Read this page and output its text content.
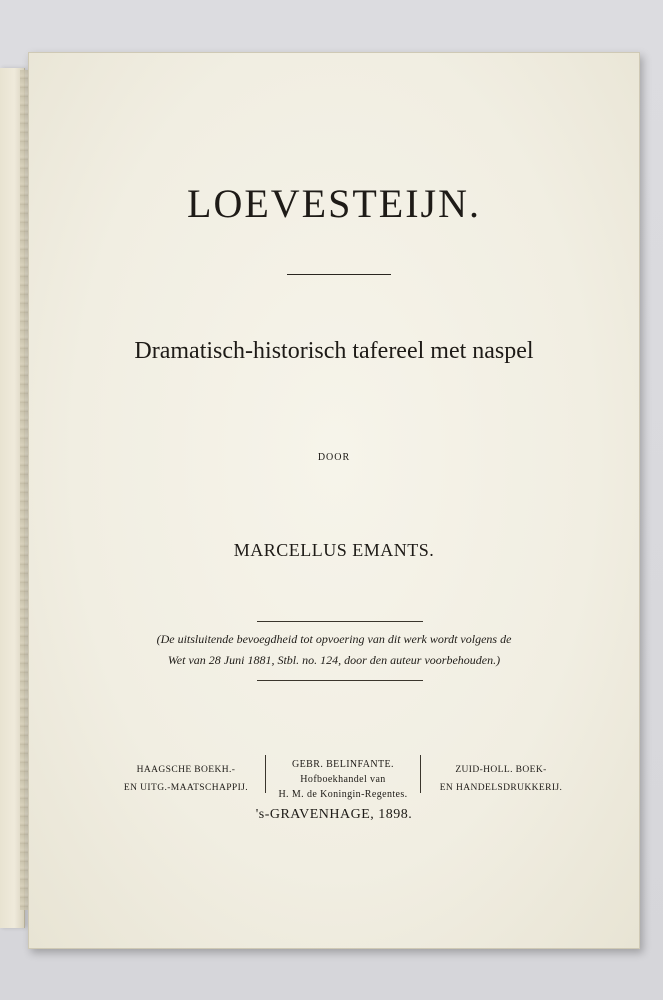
LOEVESTEIJN.
Dramatisch-historisch tafereel met naspel
DOOR
MARCELLUS EMANTS.
(De uitsluitende bevoegdheid tot opvoering van dit werk wordt volgens de
Wet van 28 Juni 1881, Stbl. no. 124, door den auteur voorbehouden.)
HAAGSCHE BOEKH.-
EN UITG.-MAATSCHAPPIJ.
GEBR. BELINFANTE.
Hofboekhandel van
H. M. de Koningin-Regentes.
ZUID-HOLL. BOEK-
EN HANDELSDRUKKERIJ.
's-GRAVENHAGE, 1898.
